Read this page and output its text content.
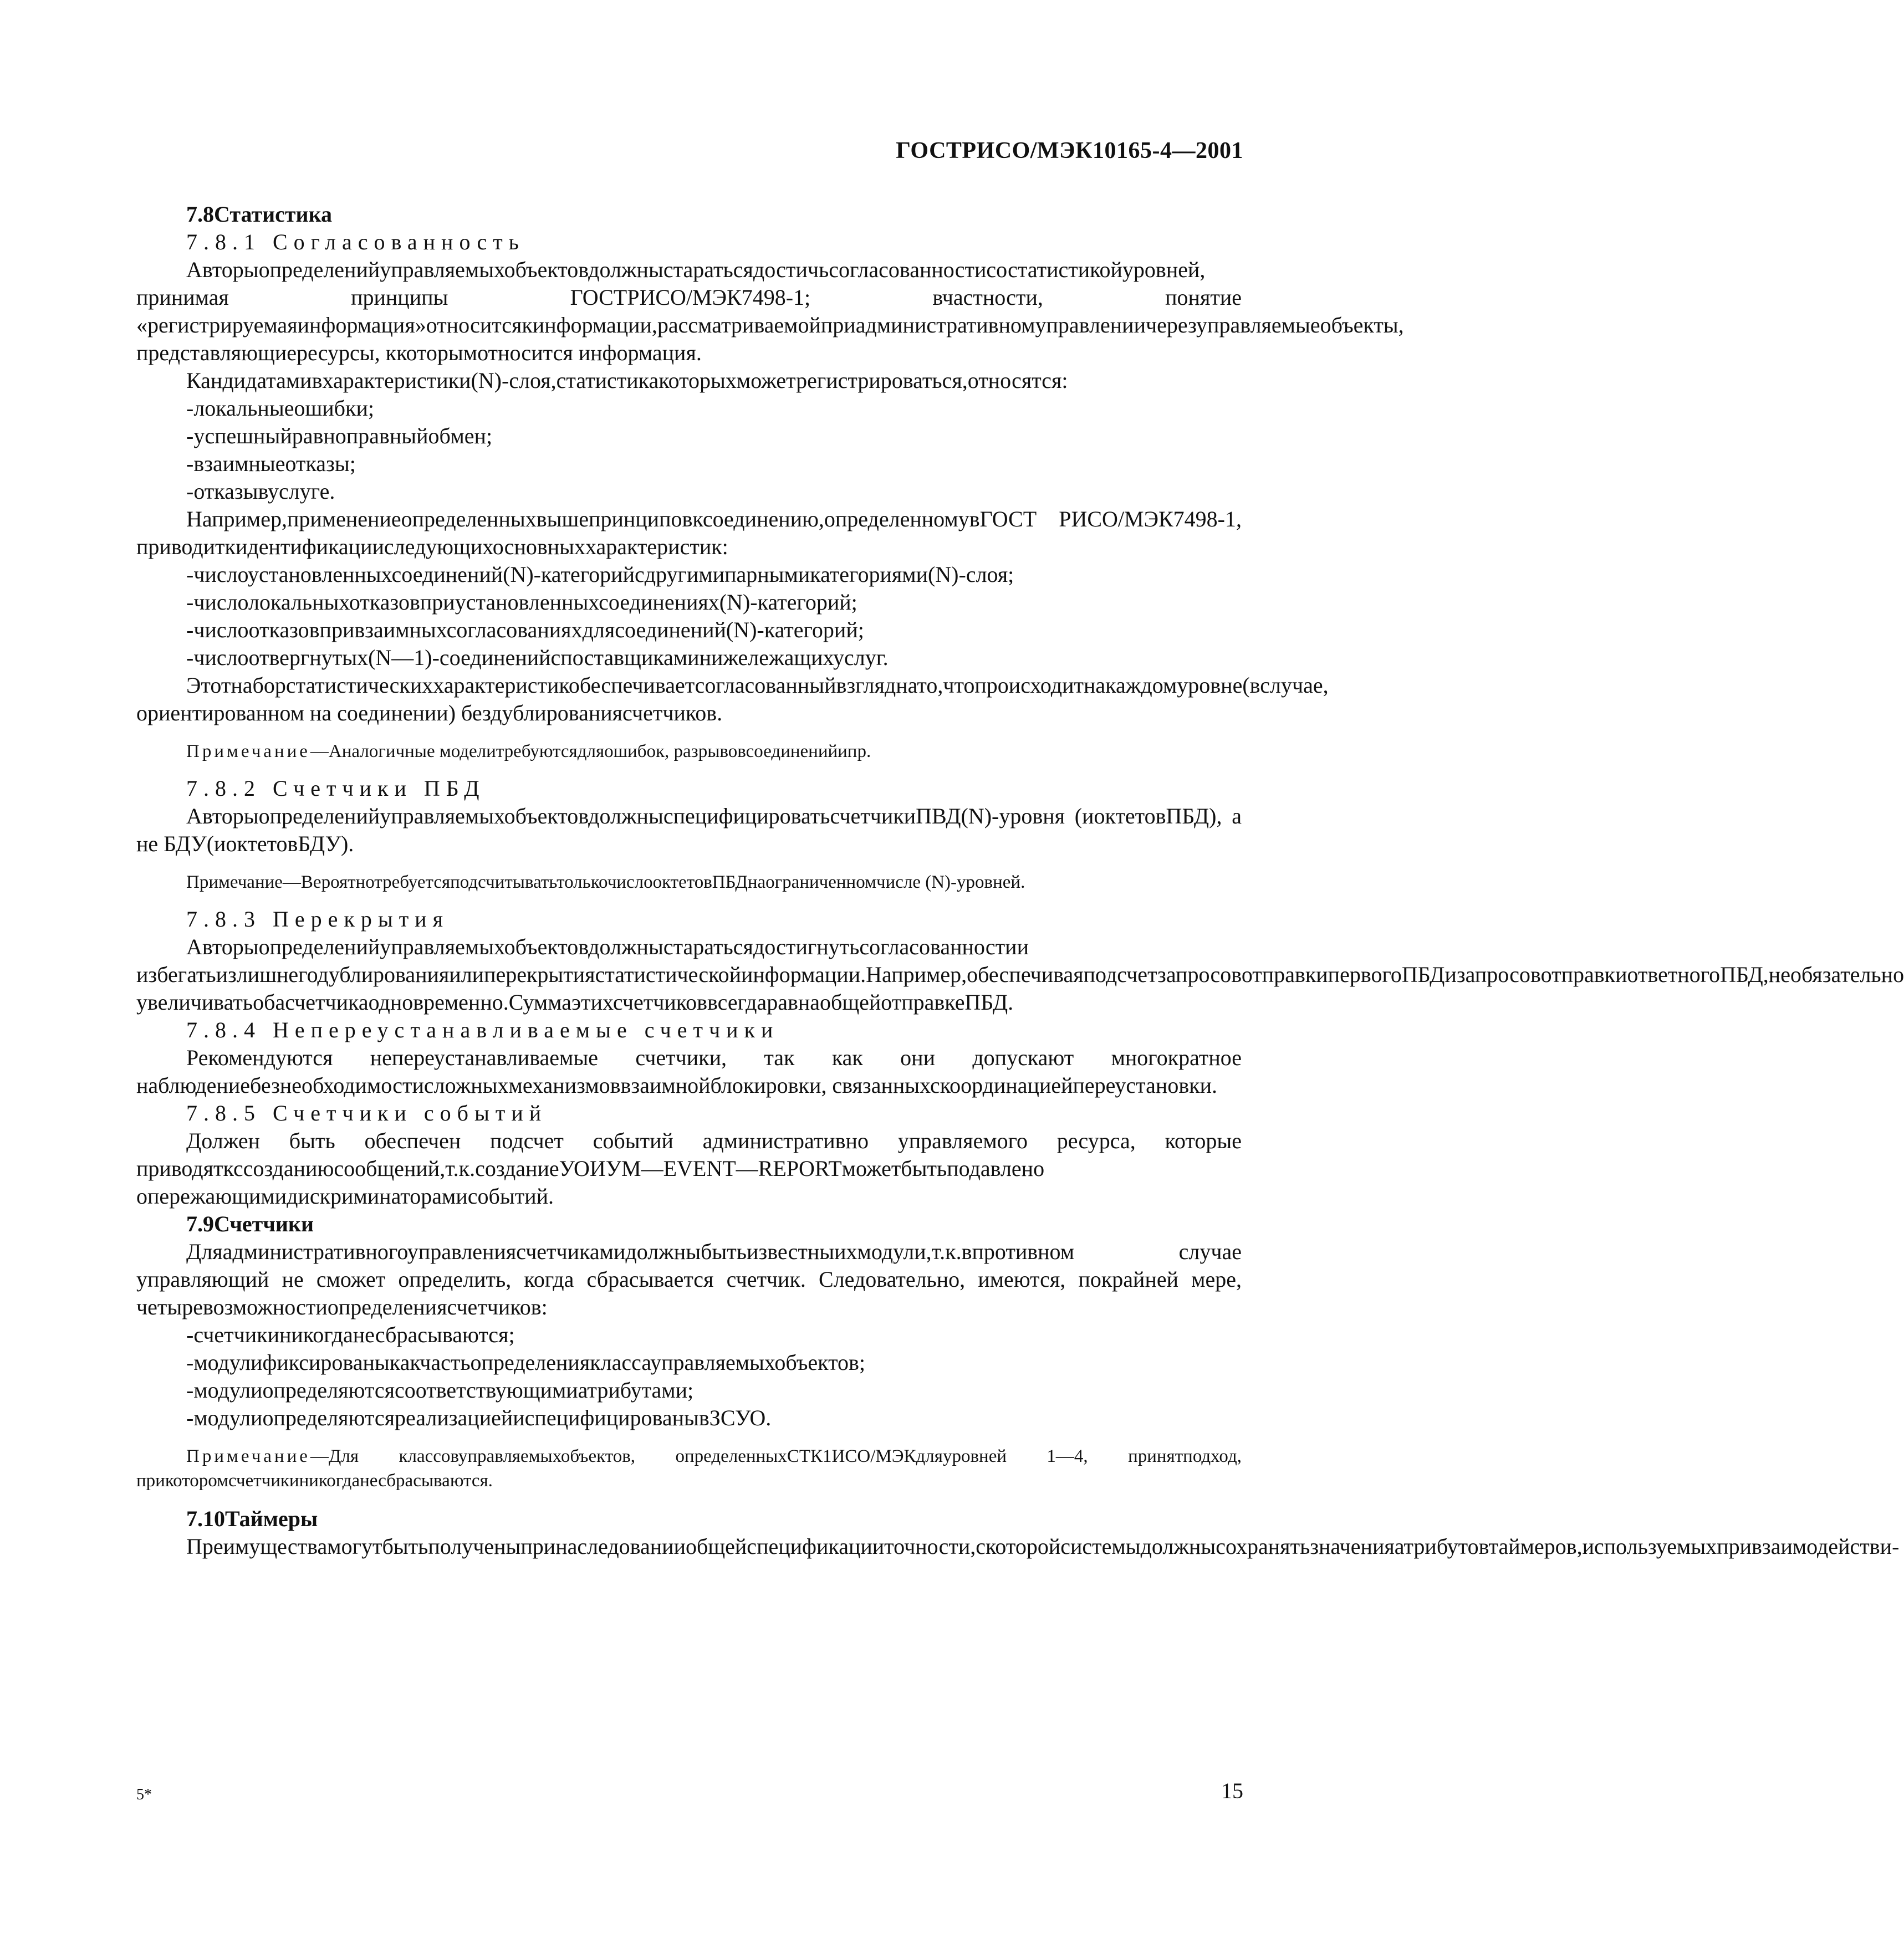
ГОСТРИСО/МЭК10165-4—2001

7.8Статистика

7.8.1 Согласованность

Авторыопределенийуправляемыхобъектовдолжныстаратьсядостичьсогласованностисостатистикойуровней, принимая принципы ГОСТРИСО/МЭК7498-1; вчастности, понятие «регистрируемаяинформация»относитсякинформации,рассматриваемойприадминистративномуправлениичерезуправляемыеобъекты, представляющиересурсы, ккоторымотносится информация.

Кандидатамивхарактеристики(N)-слоя,статистикакоторыхможетрегистрироваться,относятся:

-локальныеошибки;

-успешныйравноправныйобмен;

-взаимныеотказы;

-отказывуслуге.

Например,применениеопределенныхвышепринциповксоединению,определенномувГОСТ РИСО/МЭК7498-1, приводиткидентификацииследующихосновныххарактеристик:

-числоустановленныхсоединений(N)-категорийсдругимипарнымикатегориями(N)-слоя;

-числолокальныхотказовприустановленныхсоединениях(N)-категорий;

-числоотказовпривзаимныхсогласованияхдлясоединений(N)-категорий;

-числоотвергнутых(N—1)-соединенийспоставщикаминижележащихуслуг.

Этотнаборстатистическиххарактеристикобеспечиваетсогласованныйвзгляднато,чтопроисходитнакаждомуровне(вслучае, ориентированном на соединении) бездублированиясчетчиков.

Примечание—Аналогичные моделитребуютсядляошибок, разрывовсоединенийипр.

7.8.2 Счетчики ПБД

АвторыопределенийуправляемыхобъектовдолжныспецифицироватьсчетчикиПВД(N)-уровня (иоктетовПБД), а не БДУ(иоктетовБДУ).

Примечание—ВероятнотребуетсяподсчитыватьтолькочислооктетовПБДнаограниченномчисле (N)-уровней.

7.8.3 Перекрытия

Авторыопределенийуправляемыхобъектовдолжныстаратьсядостигнутьсогласованностии избегатьизлишнегодублированияилиперекрытиястатистическойинформации.Например,обеспечиваяподсчетзапросовотправкипервогоПБДизапросовотправкиответногоПБД,необязательно увеличиватьобасчетчикаодновременно.СуммаэтихсчетчиковвсегдаравнаобщейотправкеПБД.

7.8.4 Непереустанавливаемые счетчики

Рекомендуются непереустанавливаемые счетчики, так как они допускают многократное наблюдениебезнеобходимостисложныхмеханизмоввзаимнойблокировки, связанныхскоординациейпереустановки.

7.8.5 Счетчики событий

Должен быть обеспечен подсчет событий административно управляемого ресурса, которые приводяткссозданиюсообщений,т.к.созданиеУОИУМ—EVENT—REPORTможетбытьподавлено опережающимидискриминаторамисобытий.

7.9Счетчики

Дляадминистративногоуправлениясчетчикамидолжныбытьизвестныихмодули,т.к.впротивном случае управляющий не сможет определить, когда сбрасывается счетчик. Следовательно, имеются, покрайней мере, четыревозможностиопределениясчетчиков:

-счетчикиникогданесбрасываются;

-модулификсированыкакчастьопределенияклассауправляемыхобъектов;

-модулиопределяютсясоответствующимиатрибутами;

-модулиопределяютсяреализациейиспецифицированывЗСУО.

Примечание—Для классовуправляемыхобъектов, определенныхСТК1ИСО/МЭКдляуровней 1—4, принятподход, прикоторомсчетчикиникогданесбрасываются.

7.10Таймеры

Преимуществамогутбытьполученыпринаследованииобщейспецификацииточности,скоторойсистемыдолжнысохранятьзначенияатрибутовтаймеров,используемыхпривзаимодействи-

5*	15
